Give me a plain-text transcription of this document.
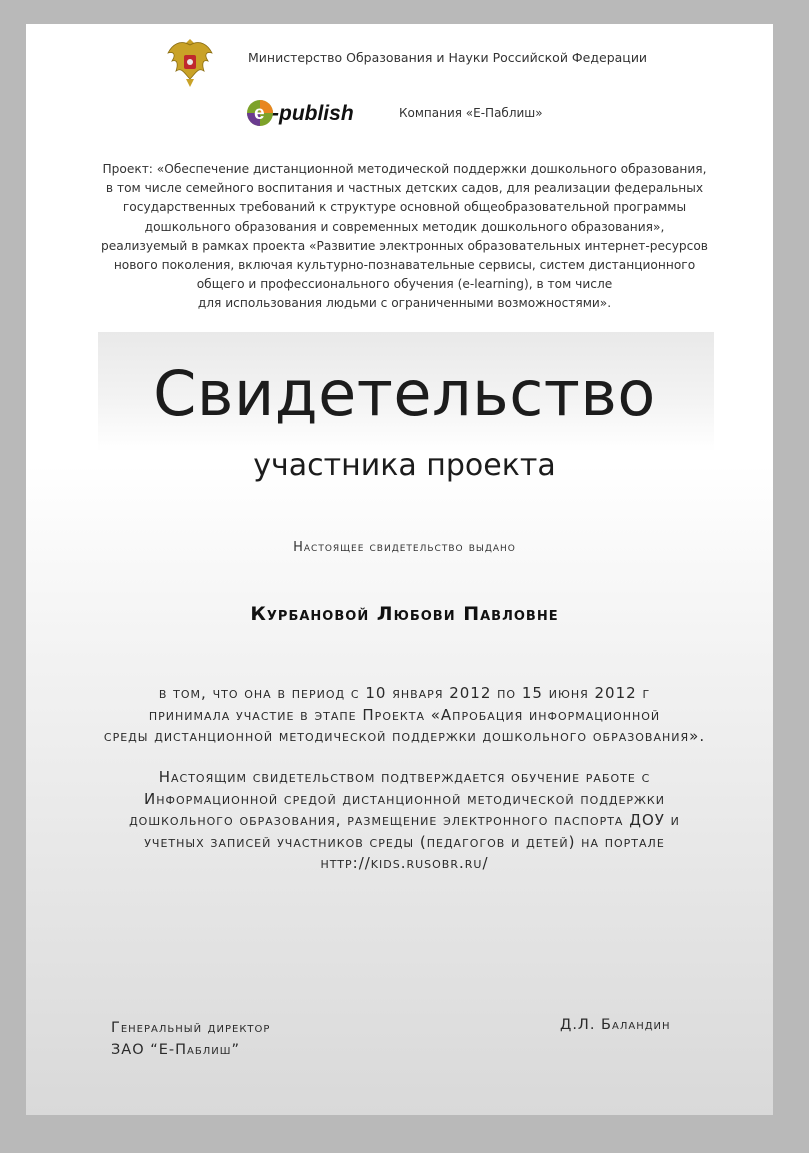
Министерство Образования и Науки Российской Федерации
e -publish	Компания «Е-Паблиш»
Проект: «Обеспечение дистанционной методической поддержки дошкольного образования,
в том числе семейного воспитания и частных детских садов, для реализации федеральных
государственных требований к структуре основной общеобразовательной программы
дошкольного образования и современных методик дошкольного образования»,
реализуемый в рамках проекта «Развитие электронных образовательных интернет-ресурсов
нового поколения, включая культурно-познавательные сервисы, систем дистанционного
общего и профессионального обучения (e-learning), в том числе
для использования людьми с ограниченными возможностями».
Свидетельство
участника проекта
Настоящее свидетельство выдано
Курбановой Любови Павловне
в том, что она в период с 10 января 2012 по 15 июня 2012 г
принимала участие в этапе Проекта «Апробация информационной
среды дистанционной методической поддержки дошкольного образования».
Настоящим свидетельством подтверждается обучение работе с
Информационной средой дистанционной методической поддержки
дошкольного образования, размещение электронного паспорта ДОУ и
учетных записей участников среды (педагогов и детей) на портале
http://kids.rusobr.ru/
Генеральный директор
ЗАО “Е-Паблиш”
Д.Л. Баландин
